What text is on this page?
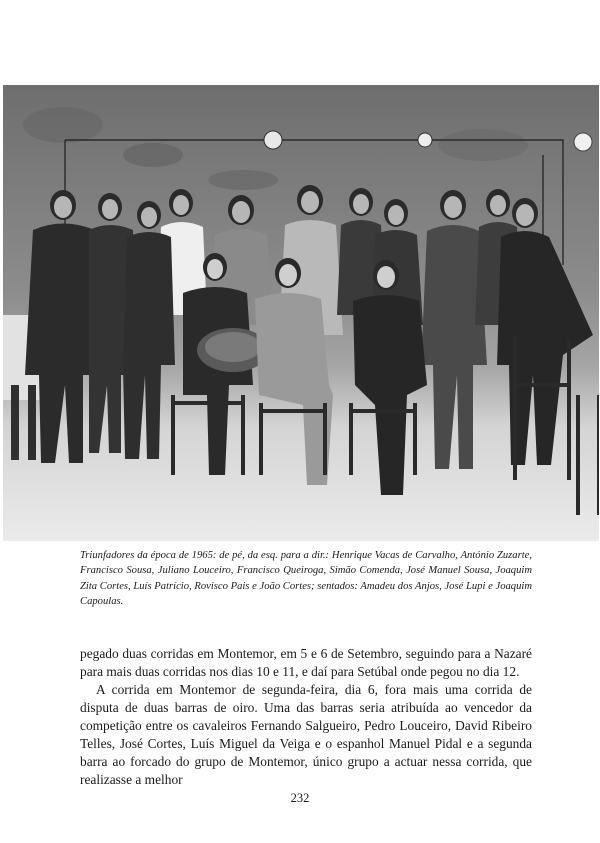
Triunfadores da época de 1965: de pé, da esq. para a dir.: Henrique Vacas de Carvalho, António Zuzarte, Francisco Sousa, Juliano Louceiro, Francisco Queiroga, Simão Comenda, José Manuel Sousa, Joaquim Zita Cortes, Luís Patrício, Rovisco Pais e João Cortes; sentados: Amadeu dos Anjos, José Lupi e Joaquim Capoulas.

pegado duas corridas em Montemor, em 5 e 6 de Setembro, seguindo para a Nazaré para mais duas corridas nos dias 10 e 11, e daí para Setúbal onde pegou no dia 12.

A corrida em Montemor de segunda-feira, dia 6, fora mais uma corrida de disputa de duas barras de oiro. Uma das barras seria atribuída ao vencedor da competição entre os cavaleiros Fernando Salgueiro, Pedro Louceiro, David Ribeiro Telles, José Cortes, Luís Miguel da Veiga e o espanhol Manuel Pidal e a segunda barra ao forcado do grupo de Montemor, único grupo a actuar nessa corrida, que realizasse a melhor

232
